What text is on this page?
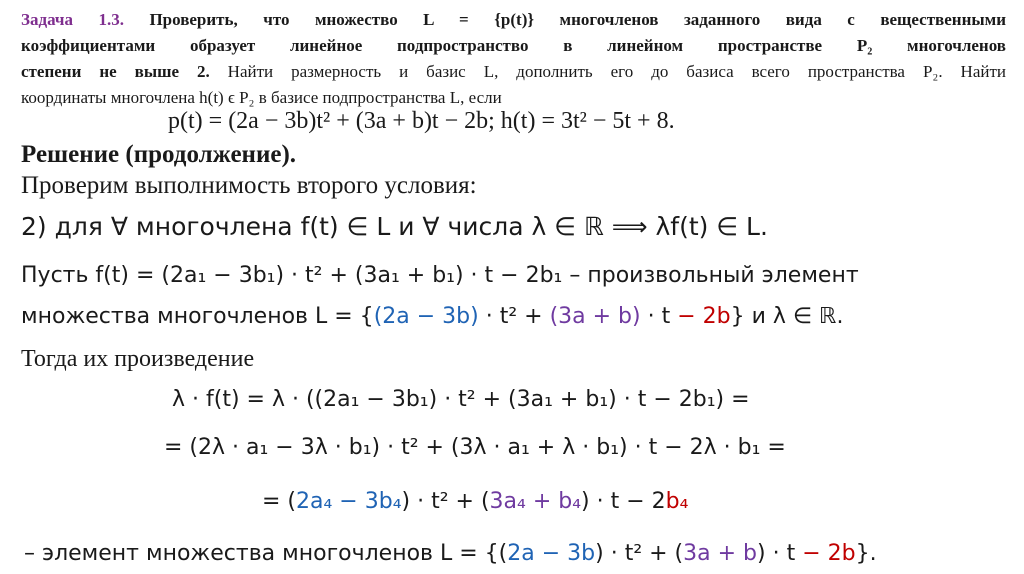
Задача 1.3. Проверить, что множество L = {p(t)} многочленов заданного вида с вещественными
коэффициентами образует линейное подпространство в линейном пространстве P₂ многочленов
степени не выше 2. Найти размерность и базис L, дополнить его до базиса всего пространства P₂. Найти
координаты многочлена h(t) ϵ P₂ в базисе подпространства L, если
p(t) = (2a − 3b)t² + (3a + b)t − 2b; h(t) = 3t² − 5t + 8.
Решение (продолжение).
Проверим выполнимость второго условия:
2) для ∀ многочлена f(t) ∈ L и ∀ числа λ ∈ ℝ ⟹ λf(t) ∈ L.
Пусть f(t) = (2a₁ − 3b₁) · t² + (3a₁ + b₁) · t − 2b₁ – произвольный элемент
множества многочленов L = {(2a − 3b) · t² + (3a + b) · t − 2b} и λ ∈ ℝ.
Тогда их произведение
λ · f(t) = λ · ((2a₁ − 3b₁) · t² + (3a₁ + b₁) · t − 2b₁) =
= (2λ · a₁ − 3λ · b₁) · t² + (3λ · a₁ + λ · b₁) · t − 2λ · b₁ =
= (2a₄ − 3b₄) · t² + (3a₄ + b₄) · t − 2b₄
– элемент множества многочленов L = {(2a − 3b) · t² + (3a + b) · t − 2b}.
